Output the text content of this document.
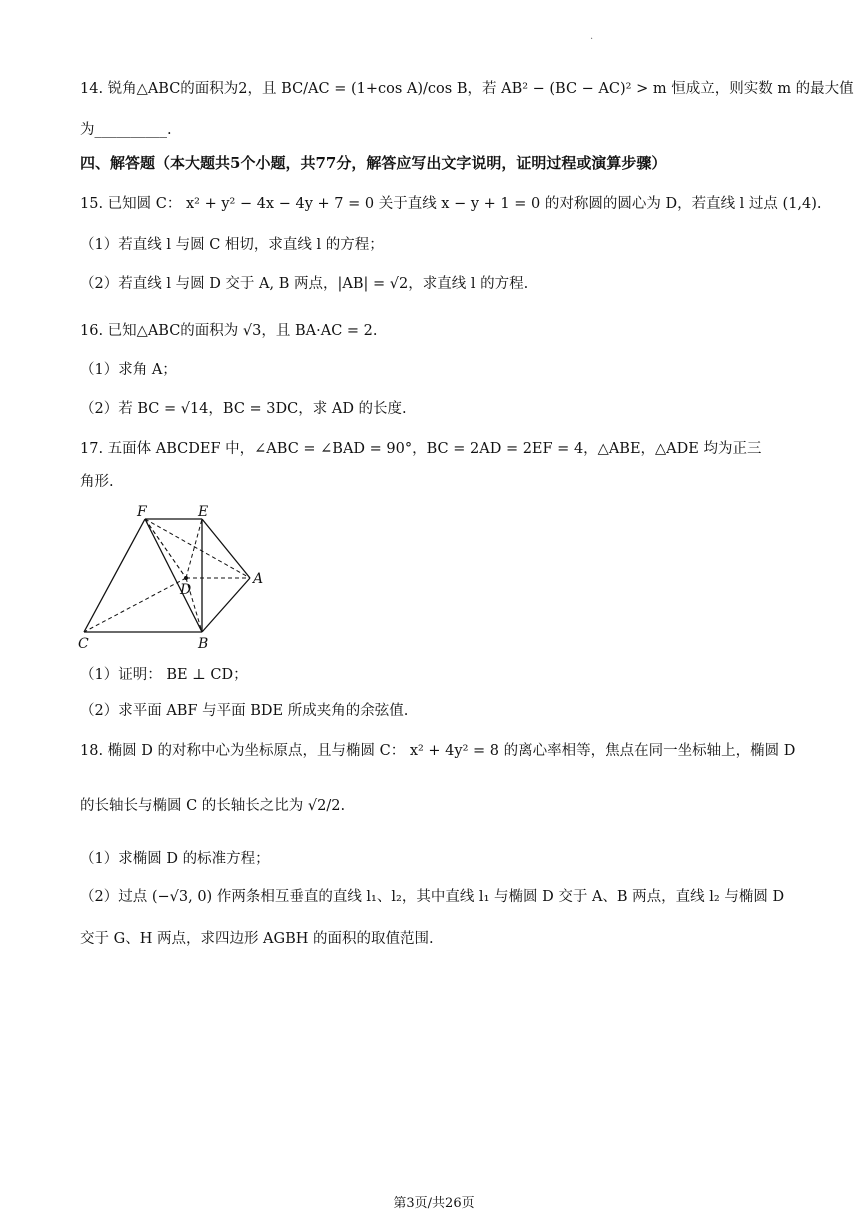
·
14. 锐角△ABC的面积为2，且 BC/AC = (1+cos A)/cos B，若 AB² − (BC − AC)² > m 恒成立，则实数 m 的最大值
为__________.
四、解答题（本大题共5个小题，共77分，解答应写出文字说明，证明过程或演算步骤）
15. 已知圆 C： x² + y² − 4x − 4y + 7 = 0 关于直线 x − y + 1 = 0 的对称圆的圆心为 D，若直线 l 过点 (1,4).
（1）若直线 l 与圆 C 相切，求直线 l 的方程；
（2）若直线 l 与圆 D 交于 A, B 两点，|AB| = √2，求直线 l 的方程.
16. 已知△ABC的面积为 √3，且 BA·AC = 2.
（1）求角 A；
（2）若 BC = √14，BC = 3DC，求 AD 的长度.
17. 五面体 ABCDEF 中，∠ABC = ∠BAD = 90°，BC = 2AD = 2EF = 4，△ABE，△ADE 均为正三
角形.
F	E
A
D
C	B
（1）证明： BE ⊥ CD；
（2）求平面 ABF 与平面 BDE 所成夹角的余弦值.
18. 椭圆 D 的对称中心为坐标原点，且与椭圆 C： x² + 4y² = 8 的离心率相等，焦点在同一坐标轴上，椭圆 D
的长轴长与椭圆 C 的长轴长之比为 √2/2.
（1）求椭圆 D 的标准方程；
（2）过点 (−√3, 0) 作两条相互垂直的直线 l₁、l₂，其中直线 l₁ 与椭圆 D 交于 A、B 两点，直线 l₂ 与椭圆 D
交于 G、H 两点，求四边形 AGBH 的面积的取值范围.
第3页/共26页
